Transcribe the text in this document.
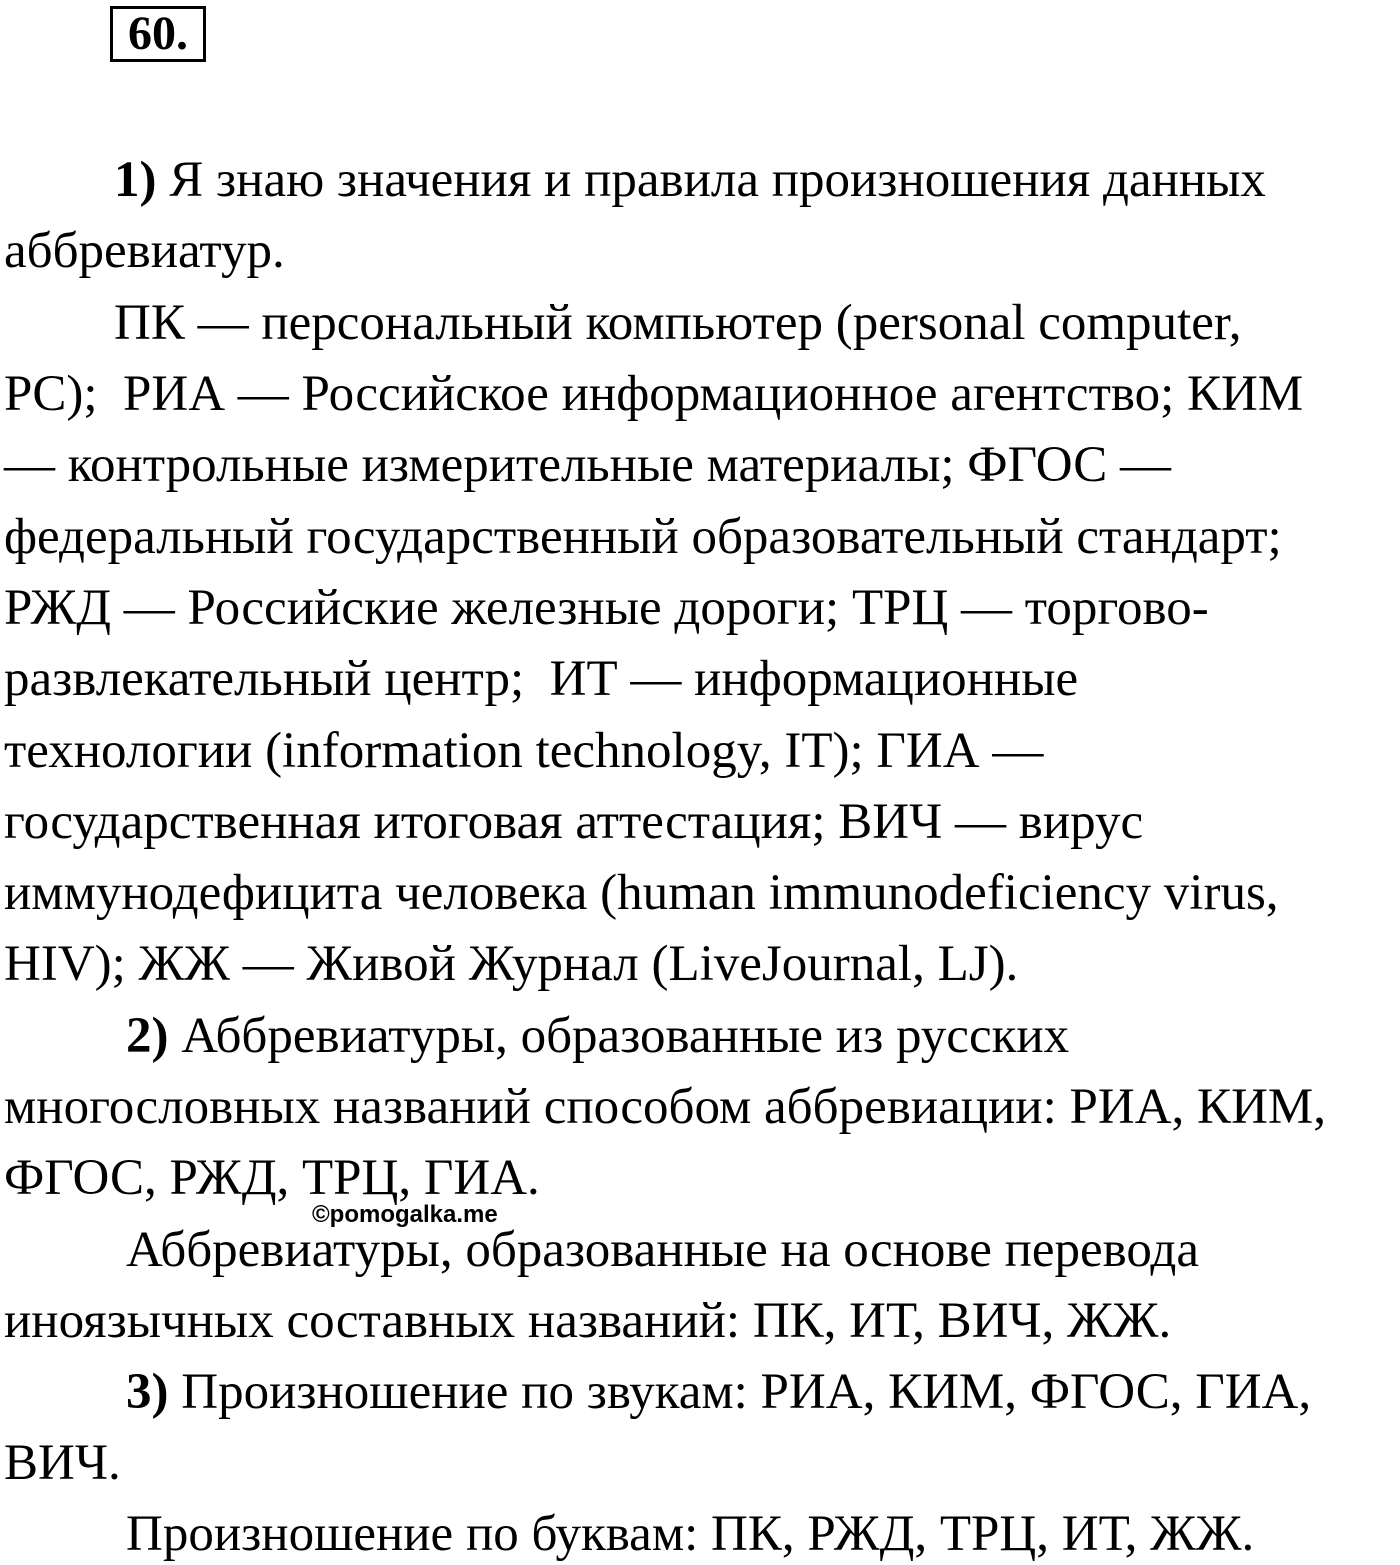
60.
1) Я знаю значения и правила произношения данных
аббревиатур.
ПК — персональный компьютер (personal computer,
PC);  РИА — Российское информационное агентство; КИМ
— контрольные измерительные материалы; ФГОС —
федеральный государственный образовательный стандарт;
РЖД — Российские железные дороги; ТРЦ — торгово-
развлекательный центр;  ИТ — информационные
технологии (information technology, IT); ГИА —
государственная итоговая аттестация; ВИЧ — вирус
иммунодефицита человека (human immunodeficiency virus,
HIV); ЖЖ — Живой Журнал (LiveJournal, LJ).
2) Аббревиатуры, образованные из русских
многословных названий способом аббревиации: РИА, КИМ,
ФГОС, РЖД, ТРЦ, ГИА.
©pomogalka.me
Аббревиатуры, образованные на основе перевода
иноязычных составных названий: ПК, ИТ, ВИЧ, ЖЖ.
3) Произношение по звукам: РИА, КИМ, ФГОС, ГИА,
ВИЧ.
Произношение по буквам: ПК, РЖД, ТРЦ, ИТ, ЖЖ.
